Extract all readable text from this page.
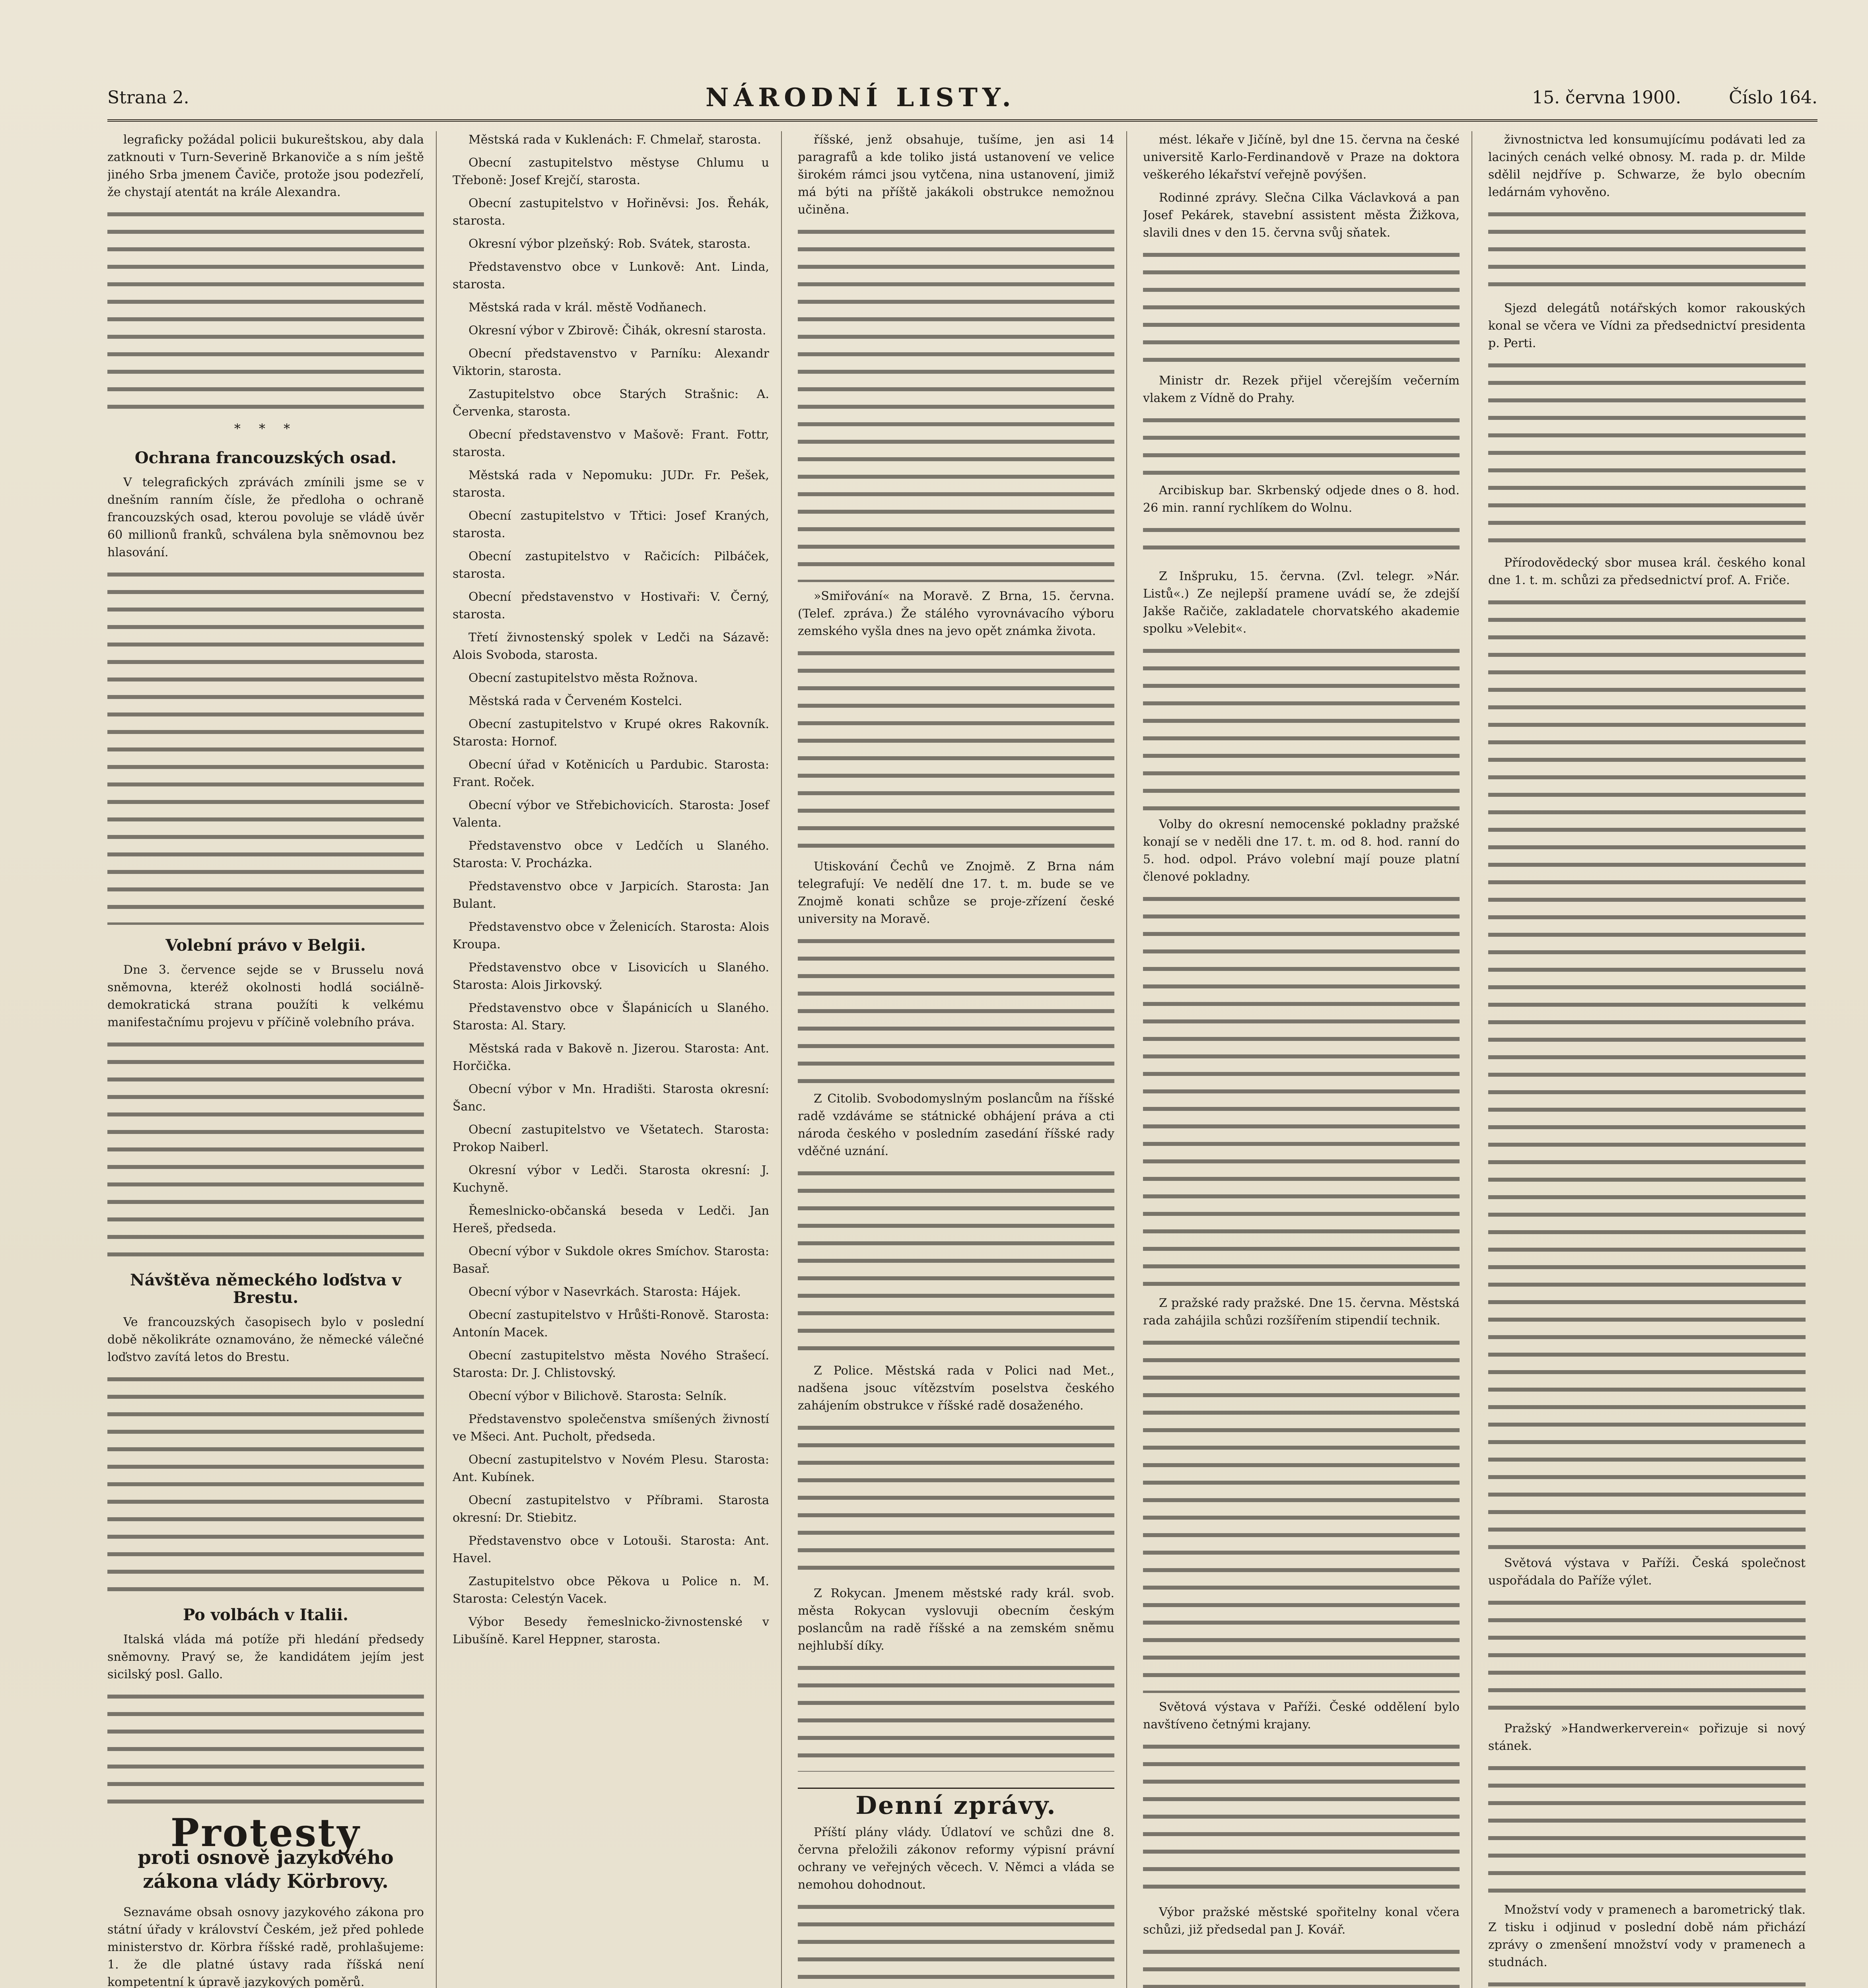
Strana 2.	NÁRODNÍ LISTY.	15. června 1900.	Číslo 164.

legraficky požádal policii bukureštskou, aby dala zatknouti v Turn-Severině Brkanoviče a s ním ještě jiného Srba jmenem Čaviče, protože jsou podezřelí, že chystají atentát na krále Alexandra.

* * *
Ochrana francouzských osad.

V telegrafických zprávách zmínili jsme se v dnešním ranním čísle, že předloha o ochraně francouzských osad, kterou povoluje se vládě úvěr 60 millionů franků, schválena byla sněmovnou bez hlasování.

Volební právo v Belgii.

Dne 3. července sejde se v Brusselu nová sněmovna, kteréž okolnosti hodlá sociálně-demokratická strana použíti k velkému manifestačnímu projevu v příčině volebního práva.

Návštěva německého loďstva v Brestu.

Ve francouzských časopisech bylo v poslední době několikráte oznamováno, že německé válečné loďstvo zavítá letos do Brestu.

Po volbách v Italii.

Italská vláda má potíže při hledání předsedy sněmovny. Pravý se, že kandidátem jejím jest sicilský posl. Gallo.

Protesty
proti osnově jazykového zákona vlády Körbrovy.

Seznaváme obsah osnovy jazykového zákona pro státní úřady v království Českém, jež před pohlede ministerstvo dr. Körbra říšské radě, prohlašujeme: 1. že dle platné ústavy rada říšská není kompetentní k úpravě jazykových poměrů.

Městská rada v Kuklenách: F. Chmelař, starosta.

Obecní zastupitelstvo městyse Chlumu u Třeboně: Josef Krejčí, starosta.

Obecní zastupitelstvo v Hořiněvsi: Jos. Řehák, starosta.

Okresní výbor plzeňský: Rob. Svátek, starosta.

Představenstvo obce v Lunkově: Ant. Linda, starosta.

Městská rada v král. městě Vodňanech.

Okresní výbor v Zbirově: Čihák, okresní starosta.

Obecní představenstvo v Parníku: Alexandr Viktorin, starosta.

Zastupitelstvo obce Starých Strašnic: A. Červenka, starosta.

Obecní představenstvo v Mašově: Frant. Fottr, starosta.

Městská rada v Nepomuku: JUDr. Fr. Pešek, starosta.

Obecní zastupitelstvo v Třtici: Josef Kraných, starosta.

Obecní zastupitelstvo v Račicích: Pilbáček, starosta.

Obecní představenstvo v Hostivaři: V. Černý, starosta.

Třetí živnostenský spolek v Ledči na Sázavě: Alois Svoboda, starosta.

Obecní zastupitelstvo města Rožnova.

Městská rada v Červeném Kostelci.

Obecní zastupitelstvo v Krupé okres Rakovník. Starosta: Hornof.

Obecní úřad v Kotěnicích u Pardubic. Starosta: Frant. Roček.

Obecní výbor ve Střebichovicích. Starosta: Josef Valenta.

Představenstvo obce v Ledčích u Slaného. Starosta: V. Procházka.

Představenstvo obce v Jarpicích. Starosta: Jan Bulant.

Představenstvo obce v Želenicích. Starosta: Alois Kroupa.

Představenstvo obce v Lisovicích u Slaného. Starosta: Alois Jirkovský.

Představenstvo obce v Šlapánicích u Slaného. Starosta: Al. Stary.

Městská rada v Bakově n. Jizerou. Starosta: Ant. Horčička.

Obecní výbor v Mn. Hradišti. Starosta okresní: Šanc.

Obecní zastupitelstvo ve Všetatech. Starosta: Prokop Naiberl.

Okresní výbor v Ledči. Starosta okresní: J. Kuchyně.

Řemeslnicko-občanská beseda v Ledči. Jan Hereš, předseda.

Obecní výbor v Sukdole okres Smíchov. Starosta: Basař.

Obecní výbor v Nasevrkách. Starosta: Hájek.

Obecní zastupitelstvo v Hrůšti-Ronově. Starosta: Antonín Macek.

Obecní zastupitelstvo města Nového Strašecí. Starosta: Dr. J. Chlistovský.

Obecní výbor v Bilichově. Starosta: Selník.

Představenstvo společenstva smíšených živností ve Mšeci. Ant. Pucholt, předseda.

Obecní zastupitelstvo v Novém Plesu. Starosta: Ant. Kubínek.

Obecní zastupitelstvo v Příbrami. Starosta okresní: Dr. Stiebitz.

Představenstvo obce v Lotouši. Starosta: Ant. Havel.

Zastupitelstvo obce Pěkova u Police n. M. Starosta: Celestýn Vacek.

Výbor Besedy řemeslnicko-živnostenské v Libušíně. Karel Heppner, starosta.

říšské, jenž obsahuje, tušíme, jen asi 14 paragrafů a kde toliko jistá ustanovení ve velice širokém rámci jsou vytčena, nina ustanovení, jimiž má býti na příště jakákoli obstrukce nemožnou učiněna.

»Smiřování« na Moravě. Z Brna, 15. června. (Telef. zpráva.) Že stálého vyrovnávacího výboru zemského vyšla dnes na jevo opět známka života.

Utiskování Čechů ve Znojmě. Z Brna nám telegrafují: Ve nedělí dne 17. t. m. bude se ve Znojmě konati schůze se proje-zřízení české university na Moravě.

Z Citolib. Svobodomyslným poslancům na říšské radě vzdáváme se státnické obhájení práva a cti národa českého v posledním zasedání říšské rady vděčné uznání.

Z Police. Městská rada v Polici nad Met., nadšena jsouc vítězstvím poselstva českého zahájením obstrukce v říšské radě dosaženého.

Z Rokycan. Jmenem městské rady král. svob. města Rokycan vyslovuji obecním českým poslancům na radě říšské a na zemském sněmu nejhlubší díky.

Denní zprávy.

Příští plány vlády. Údlatoví ve schůzi dne 8. června přeložili zákonov reformy výpisní právní ochrany ve veřejných věcech. V. Němci a vláda se nemohou dohodnout.

mést. lékaře v Jičíně, byl dne 15. června na české universitě Karlo-Ferdinandově v Praze na doktora veškerého lékařství veřejně povýšen.

Rodinné zprávy. Slečna Cilka Václavková a pan Josef Pekárek, stavební assistent města Žižkova, slavili dnes v den 15. června svůj sňatek.

Ministr dr. Rezek přijel včerejším večerním vlakem z Vídně do Prahy.

Arcibiskup bar. Skrbenský odjede dnes o 8. hod. 26 min. ranní rychlíkem do Wolnu.

Z Inšpruku, 15. června. (Zvl. telegr. »Nár. Listů«.) Ze nejlepší pramene uvádí se, že zdejší Jakše Račiče, zakladatele chorvatského akademie spolku »Velebit«.

Volby do okresní nemocenské pokladny pražské konají se v neděli dne 17. t. m. od 8. hod. ranní do 5. hod. odpol. Právo volební mají pouze platní členové pokladny.

Z pražské rady pražské. Dne 15. června. Městská rada zahájila schůzi rozšířením stipendií technik.

Světová výstava v Paříži. České oddělení bylo navštíveno četnými krajany.

Výbor pražské městské spořitelny konal včera schůzi, již předsedal pan J. Kovář.

živnostnictva led konsumujícímu podávati led za laciných cenách velké obnosy. M. rada p. dr. Milde sdělil nejdříve p. Schwarze, že bylo obecním ledárnám vyhověno.

Sjezd delegátů notářských komor rakouských konal se včera ve Vídni za předsednictví presidenta p. Perti.

Přírodovědecký sbor musea král. českého konal dne 1. t. m. schůzi za předsednictví prof. A. Friče.

Světová výstava v Paříži. Česká společnost uspořádala do Paříže výlet.

Pražský »Handwerkerverein« pořizuje si nový stánek.

Množství vody v pramenech a barometrický tlak. Z tisku i odjinud v poslední době nám přichází zprávy o zmenšení množství vody v pramenech a studnách.
